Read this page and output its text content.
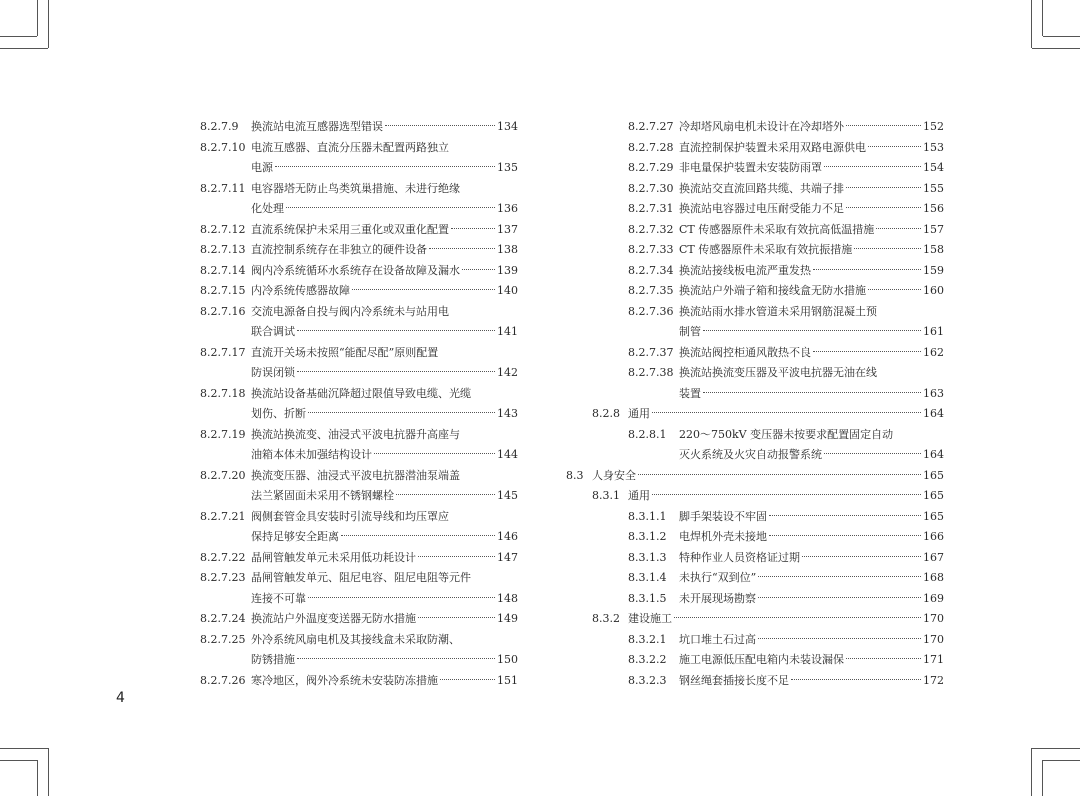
8.2.7.9	换流站电流互感器选型错误	134
8.2.7.10 电流互感器、直流分压器未配置两路独立
电源	135
8.2.7.11 电容器塔无防止鸟类筑巢措施、未进行绝缘
化处理	136
8.2.7.12 直流系统保护未采用三重化或双重化配置	137
8.2.7.13 直流控制系统存在非独立的硬件设备	138
8.2.7.14 阀内冷系统循环水系统存在设备故障及漏水	139
8.2.7.15 内冷系统传感器故障	140
8.2.7.16 交流电源备自投与阀内冷系统未与站用电
联合调试	141
8.2.7.17 直流开关场未按照“能配尽配”原则配置
防误闭锁	142
8.2.7.18 换流站设备基础沉降超过限值导致电缆、光缆
划伤、折断	143
8.2.7.19 换流站换流变、油浸式平波电抗器升高座与
油箱本体未加强结构设计	144
8.2.7.20 换流变压器、油浸式平波电抗器潜油泵端盖
法兰紧固面未采用不锈钢螺栓	145
8.2.7.21 阀侧套管金具安装时引流导线和均压罩应
保持足够安全距离	146
8.2.7.22 晶闸管触发单元未采用低功耗设计	147
8.2.7.23 晶闸管触发单元、阻尼电容、阻尼电阻等元件
连接不可靠	148
8.2.7.24 换流站户外温度变送器无防水措施	149
8.2.7.25 外冷系统风扇电机及其接线盒未采取防潮、
防锈措施	150
8.2.7.26 寒冷地区，阀外冷系统未安装防冻措施	151
8.2.7.27 冷却塔风扇电机未设计在冷却塔外	152
8.2.7.28 直流控制保护装置未采用双路电源供电	153
8.2.7.29 非电量保护装置未安装防雨罩	154
8.2.7.30 换流站交直流回路共缆、共端子排	155
8.2.7.31 换流站电容器过电压耐受能力不足	156
8.2.7.32 CT 传感器原件未采取有效抗高低温措施	157
8.2.7.33 CT 传感器原件未采取有效抗振措施	158
8.2.7.34 换流站接线板电流严重发热	159
8.2.7.35 换流站户外端子箱和接线盒无防水措施	160
8.2.7.36 换流站雨水排水管道未采用钢筋混凝土预
制管	161
8.2.7.37 换流站阀控柜通风散热不良	162
8.2.7.38 换流站换流变压器及平波电抗器无油在线
装置	163
8.2.8 通用	164
8.2.8.1	220～750kV 变压器未按要求配置固定自动
灭火系统及火灾自动报警系统	164
8.3 人身安全	165
8.3.1 通用	165
8.3.1.1	脚手架装设不牢固	165
8.3.1.2	电焊机外壳未接地	166
8.3.1.3	特种作业人员资格证过期	167
8.3.1.4	未执行“双到位”	168
8.3.1.5	未开展现场勘察	169
8.3.2 建设施工	170
8.3.2.1	坑口堆土石过高	170
8.3.2.2	施工电源低压配电箱内未装设漏保	171
8.3.2.3	钢丝绳套插接长度不足	172
4
